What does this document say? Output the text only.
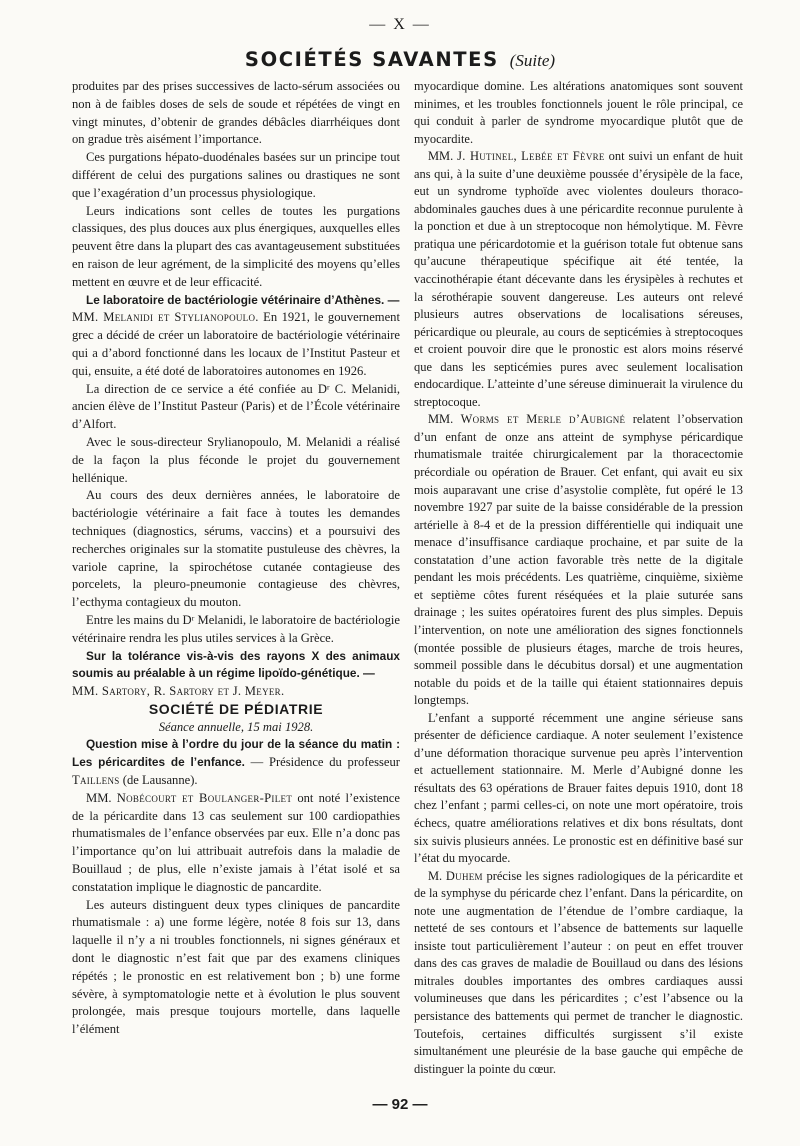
— X —
SOCIÉTÉS SAVANTES (Suite)

produites par des prises successives de lacto-sérum associées ou non à de faibles doses de sels de soude et répétées de vingt en vingt minutes, d’obtenir de grandes débâcles diarrhéiques dont on gradue très aisément l’importance.

Ces purgations hépato-duodénales basées sur un principe tout différent de celui des purgations salines ou drastiques ne sont que l’exagération d’un processus physiologique.

Leurs indications sont celles de toutes les purgations classiques, des plus douces aux plus énergiques, auxquelles elles peuvent être dans la plupart des cas avantageusement substituées en raison de leur agrément, de la simplicité des moyens qu’elles mettent en œuvre et de leur efficacité.

Le laboratoire de bactériologie vétérinaire d’Athènes. —

MM. Melanidi et Stylianopoulo. En 1921, le gouvernement grec a décidé de créer un laboratoire de bactériologie vétérinaire qui a d’abord fonctionné dans les locaux de l’Institut Pasteur et qui, ensuite, a été doté de laboratoires autonomes en 1926.

La direction de ce service a été confiée au Dʳ C. Melanidi, ancien élève de l’Institut Pasteur (Paris) et de l’École vétérinaire d’Alfort.

Avec le sous-directeur Srylianopoulo, M. Melanidi a réalisé de la façon la plus féconde le projet du gouvernement hellénique.

Au cours des deux dernières années, le laboratoire de bactériologie vétérinaire a fait face à toutes les demandes techniques (diagnostics, sérums, vaccins) et a poursuivi des recherches originales sur la stomatite pustuleuse des chèvres, la variole caprine, la spirochétose cutanée contagieuse des porcelets, la pleuro-pneumonie contagieuse des chèvres, l’ecthyma contagieux du mouton.

Entre les mains du Dʳ Melanidi, le laboratoire de bactériologie vétérinaire rendra les plus utiles services à la Grèce.

Sur la tolérance vis-à-vis des rayons X des animaux soumis au préalable à un régime lipoïdo-génétique. —

MM. Sartory, R. Sartory et J. Meyer.

SOCIÉTÉ DE PÉDIATRIE

Séance annuelle, 15 mai 1928.

Question mise à l’ordre du jour de la séance du matin : Les péricardites de l’enfance. — Présidence du professeur Taillens (de Lausanne).

MM. Nobécourt et Boulanger-Pilet ont noté l’existence de la péricardite dans 13 cas seulement sur 100 cardiopathies rhumatismales de l’enfance observées par eux. Elle n’a donc pas l’importance qu’on lui attribuait autrefois dans la maladie de Bouillaud ; de plus, elle n’existe jamais à l’état isolé et sa constatation implique le diagnostic de pancardite.

Les auteurs distinguent deux types cliniques de pancardite rhumatismale : a) une forme légère, notée 8 fois sur 13, dans laquelle il n’y a ni troubles fonctionnels, ni signes généraux et dont le diagnostic n’est fait que par des examens cliniques répétés ; le pronostic en est relativement bon ; b) une forme sévère, à symptomatologie nette et à évolution le plus souvent prolongée, mais presque toujours mortelle, dans laquelle l’élément

myocardique domine. Les altérations anatomiques sont souvent minimes, et les troubles fonctionnels jouent le rôle principal, ce qui conduit à parler de syndrome myocardique plutôt que de myocardite.

MM. J. Hutinel, Lebée et Fèvre ont suivi un enfant de huit ans qui, à la suite d’une deuxième poussée d’érysipèle de la face, eut un syndrome typhoïde avec violentes douleurs thoraco-abdominales gauches dues à une péricardite reconnue purulente à la ponction et due à un streptocoque non hémolytique. M. Fèvre pratiqua une péricardotomie et la guérison totale fut obtenue sans qu’aucune thérapeutique spécifique ait été tentée, la vaccinothérapie étant décevante dans les érysipèles à rechutes et la sérothérapie souvent dangereuse. Les auteurs ont relevé plusieurs autres observations de localisations séreuses, péricardique ou pleurale, au cours de septicémies à streptocoques et croient pouvoir dire que le pronostic est alors moins réservé que dans les septicémies pures avec seulement localisation endocardique. L’atteinte d’une séreuse diminuerait la virulence du streptocoque.

MM. Worms et Merle d’Aubigné relatent l’observation d’un enfant de onze ans atteint de symphyse péricardique rhumatismale traitée chirurgicalement par la thoracectomie précordiale ou opération de Brauer. Cet enfant, qui avait eu six mois auparavant une crise d’asystolie complète, fut opéré le 13 novembre 1927 par suite de la baisse considérable de la pression artérielle à 8-4 et de la pression différentielle qui indiquait une menace d’insuffisance cardiaque prochaine, et par suite de la constatation d’une action favorable très nette de la digitale pendant les mois précédents. Les quatrième, cinquième, sixième et septième côtes furent réséquées et la plaie suturée sans drainage ; les suites opératoires furent des plus simples. Depuis l’intervention, on note une amélioration des signes fonctionnels (montée possible de plusieurs étages, marche de trois heures, sommeil possible dans le décubitus dorsal) et une augmentation notable du poids et de la taille qui étaient stationnaires depuis longtemps.

L’enfant a supporté récemment une angine sérieuse sans présenter de déficience cardiaque. A noter seulement l’existence d’une déformation thoracique survenue peu après l’intervention et actuellement stationnaire. M. Merle d’Aubigné donne les résultats des 63 opérations de Brauer faites depuis 1910, dont 18 chez l’enfant ; parmi celles-ci, on note une mort opératoire, trois échecs, quatre améliorations relatives et dix bons résultats, dont six suivis plusieurs années. Le pronostic est en définitive basé sur l’état du myocarde.

M. Duhem précise les signes radiologiques de la péricardite et de la symphyse du péricarde chez l’enfant. Dans la péricardite, on note une augmentation de l’étendue de l’ombre cardiaque, la netteté de ses contours et l’absence de battements sur laquelle insiste tout particulièrement l’auteur : on peut en effet trouver dans des cas graves de maladie de Bouillaud ou dans des lésions mitrales doubles importantes des ombres cardiaques aussi volumineuses que dans les péricardites ; c’est l’absence ou la persistance des battements qui permet de trancher le diagnostic. Toutefois, certaines difficultés surgissent s’il existe simultanément une pleurésie de la base gauche qui empêche de distinguer la pointe du cœur.

— 92 —
